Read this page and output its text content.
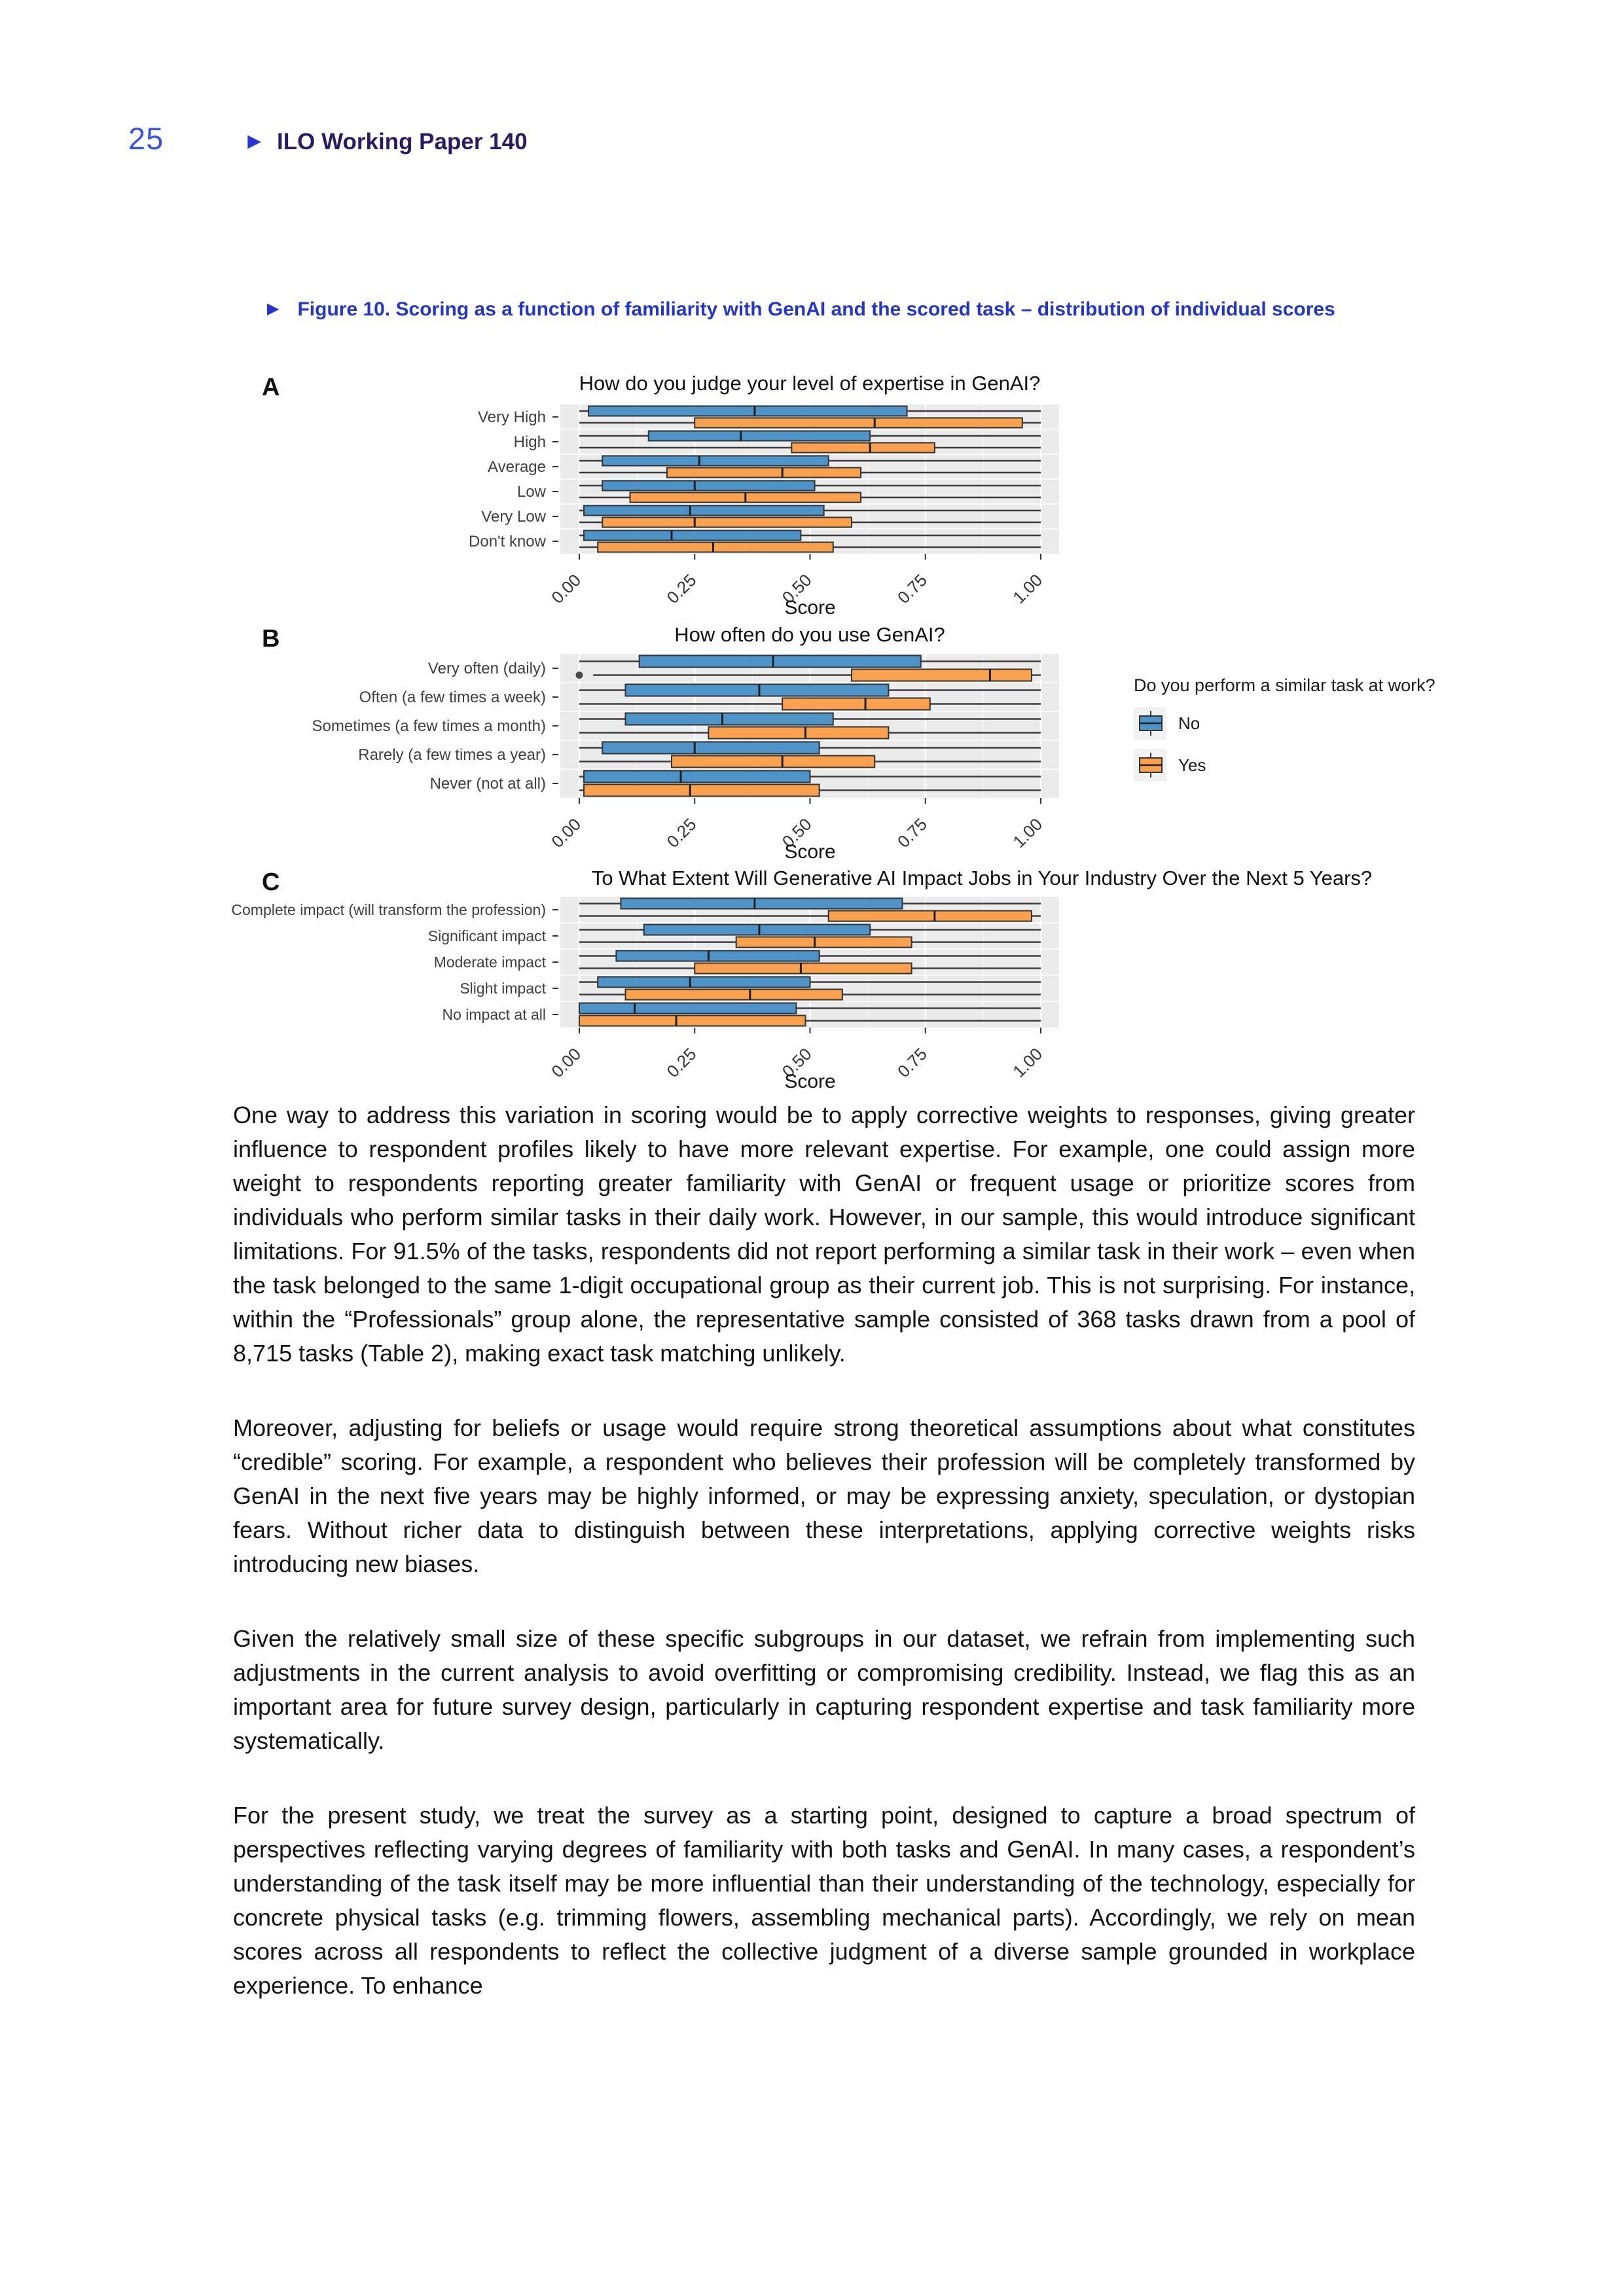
25	▶ ILO Working Paper 140
▶ Figure 10. Scoring as a function of familiarity with GenAI and the scored task – distribution of individual scores
0.00	0.25	0.50	0.75	1.00
Very High
High
Average
Low
Very Low
Don't know
A	How do you judge your level of expertise in GenAI?
Score
0.00	0.25	0.50	0.75	1.00
Very often (daily)
Often (a few times a week)
Sometimes (a few times a month)
Rarely (a few times a year)
Never (not at all)
B	How often do you use GenAI?
Score
Do you perform a similar task at work?
No
Yes
0.00	0.25	0.50	0.75	1.00
Complete impact (will transform the profession)
Significant impact
Moderate impact
Slight impact
No impact at all
C	To What Extent Will Generative AI Impact Jobs in Your Industry Over the Next 5 Years?
Score

One way to address this variation in scoring would be to apply corrective weights to responses, giving greater influence to respondent profiles likely to have more relevant expertise. For example, one could assign more weight to respondents reporting greater familiarity with GenAI or frequent usage or prioritize scores from individuals who perform similar tasks in their daily work. However, in our sample, this would introduce significant limitations. For 91.5% of the tasks, respondents did not report performing a similar task in their work – even when the task belonged to the same 1-digit occupational group as their current job. This is not surprising. For instance, within the “Professionals” group alone, the representative sample consisted of 368 tasks drawn from a pool of 8,715 tasks (Table 2), making exact task matching unlikely.

Moreover, adjusting for beliefs or usage would require strong theoretical assumptions about what constitutes “credible” scoring. For example, a respondent who believes their profession will be completely transformed by GenAI in the next five years may be highly informed, or may be expressing anxiety, speculation, or dystopian fears. Without richer data to distinguish between these interpretations, applying corrective weights risks introducing new biases.

Given the relatively small size of these specific subgroups in our dataset, we refrain from implementing such adjustments in the current analysis to avoid overfitting or compromising credibility. Instead, we flag this as an important area for future survey design, particularly in capturing respondent expertise and task familiarity more systematically.

For the present study, we treat the survey as a starting point, designed to capture a broad spectrum of perspectives reflecting varying degrees of familiarity with both tasks and GenAI. In many cases, a respondent’s understanding of the task itself may be more influential than their understanding of the technology, especially for concrete physical tasks (e.g. trimming flowers, assembling mechanical parts). Accordingly, we rely on mean scores across all respondents to reflect the collective judgment of a diverse sample grounded in workplace experience. To enhance
